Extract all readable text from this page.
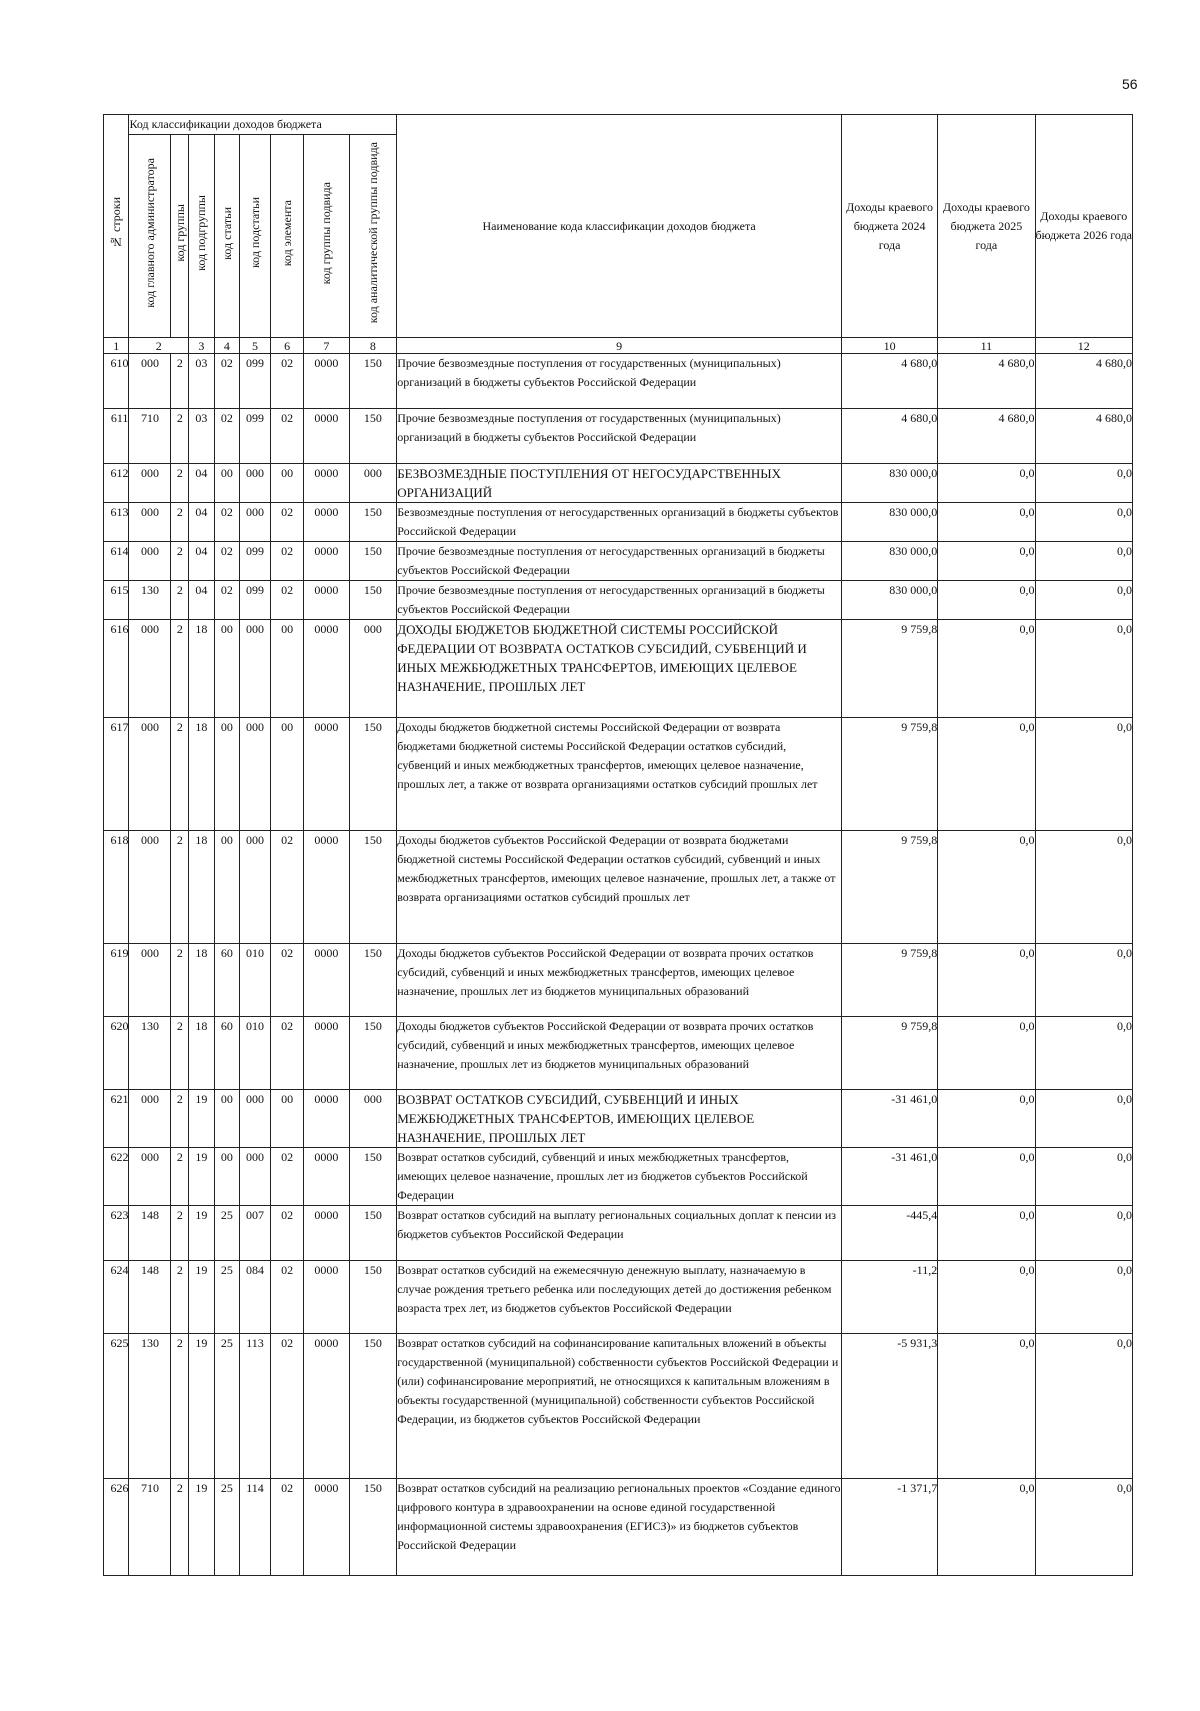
56
№ строки	Код классификации доходов бюджета								Наименование кода классификации доходов бюджета	Доходы краевого бюджета 2024 года	Доходы краевого бюджета 2025 года	Доходы краевого бюджета 2026 года
	код главного администратора	код группы	код подгруппы	код статьи	код подстатьи	код элемента	код группы подвида	код аналитической группы подвида				
1	2		3	4	5	6	7	8	9	10	11	12
610	000	2	03	02	099	02	0000	150	Прочие безвозмездные поступления от государственных (муниципальных) организаций в бюджеты субъектов Российской Федерации	4 680,0	4 680,0	4 680,0
611	710	2	03	02	099	02	0000	150	Прочие безвозмездные поступления от государственных (муниципальных) организаций в бюджеты субъектов Российской Федерации	4 680,0	4 680,0	4 680,0
612	000	2	04	00	000	00	0000	000	БЕЗВОЗМЕЗДНЫЕ ПОСТУПЛЕНИЯ ОТ НЕГОСУДАРСТВЕННЫХ ОРГАНИЗАЦИЙ	830 000,0	0,0	0,0
613	000	2	04	02	000	02	0000	150	Безвозмездные поступления от негосударственных организаций в бюджеты субъектов Российской Федерации	830 000,0	0,0	0,0
614	000	2	04	02	099	02	0000	150	Прочие безвозмездные поступления от негосударственных организаций в бюджеты субъектов Российской Федерации	830 000,0	0,0	0,0
615	130	2	04	02	099	02	0000	150	Прочие безвозмездные поступления от негосударственных организаций в бюджеты субъектов Российской Федерации	830 000,0	0,0	0,0
616	000	2	18	00	000	00	0000	000	ДОХОДЫ БЮДЖЕТОВ БЮДЖЕТНОЙ СИСТЕМЫ РОССИЙСКОЙ ФЕДЕРАЦИИ ОТ ВОЗВРАТА ОСТАТКОВ СУБСИДИЙ, СУБВЕНЦИЙ И ИНЫХ МЕЖБЮДЖЕТНЫХ ТРАНСФЕРТОВ, ИМЕЮЩИХ ЦЕЛЕВОЕ НАЗНАЧЕНИЕ, ПРОШЛЫХ ЛЕТ	9 759,8	0,0	0,0
617	000	2	18	00	000	00	0000	150	Доходы бюджетов бюджетной системы Российской Федерации от возврата бюджетами бюджетной системы Российской Федерации остатков субсидий, субвенций и иных межбюджетных трансфертов, имеющих целевое назначение, прошлых лет, а также от возврата организациями остатков субсидий прошлых лет	9 759,8	0,0	0,0
618	000	2	18	00	000	02	0000	150	Доходы бюджетов субъектов Российской Федерации от возврата бюджетами бюджетной системы Российской Федерации остатков субсидий, субвенций и иных межбюджетных трансфертов, имеющих целевое назначение, прошлых лет, а также от возврата организациями остатков субсидий прошлых лет	9 759,8	0,0	0,0
619	000	2	18	60	010	02	0000	150	Доходы бюджетов субъектов Российской Федерации от возврата прочих остатков субсидий, субвенций и иных межбюджетных трансфертов, имеющих целевое назначение, прошлых лет из бюджетов муниципальных образований	9 759,8	0,0	0,0
620	130	2	18	60	010	02	0000	150	Доходы бюджетов субъектов Российской Федерации от возврата прочих остатков субсидий, субвенций и иных межбюджетных трансфертов, имеющих целевое назначение, прошлых лет из бюджетов муниципальных образований	9 759,8	0,0	0,0
621	000	2	19	00	000	00	0000	000	ВОЗВРАТ ОСТАТКОВ СУБСИДИЙ, СУБВЕНЦИЙ И ИНЫХ МЕЖБЮДЖЕТНЫХ ТРАНСФЕРТОВ, ИМЕЮЩИХ ЦЕЛЕВОЕ НАЗНАЧЕНИЕ, ПРОШЛЫХ ЛЕТ	-31 461,0	0,0	0,0
622	000	2	19	00	000	02	0000	150	Возврат остатков субсидий, субвенций и иных межбюджетных трансфертов, имеющих целевое назначение, прошлых лет из бюджетов субъектов Российской Федерации	-31 461,0	0,0	0,0
623	148	2	19	25	007	02	0000	150	Возврат остатков субсидий на выплату региональных социальных доплат к пенсии из бюджетов субъектов Российской Федерации	-445,4	0,0	0,0
624	148	2	19	25	084	02	0000	150	Возврат остатков субсидий на ежемесячную денежную выплату, назначаемую в случае рождения третьего ребенка или последующих детей до достижения ребенком возраста трех лет, из бюджетов субъектов Российской Федерации	-11,2	0,0	0,0
625	130	2	19	25	113	02	0000	150	Возврат остатков субсидий на софинансирование капитальных вложений в объекты государственной (муниципальной) собственности субъектов Российской Федерации и (или) софинансирование мероприятий, не относящихся к капитальным вложениям в объекты государственной (муниципальной) собственности субъектов Российской Федерации, из бюджетов субъектов Российской Федерации	-5 931,3	0,0	0,0
626	710	2	19	25	114	02	0000	150	Возврат остатков субсидий на реализацию региональных проектов «Создание единого цифрового контура в здравоохранении на основе единой государственной информационной системы здравоохранения (ЕГИСЗ)» из бюджетов субъектов Российской Федерации	-1 371,7	0,0	0,0
